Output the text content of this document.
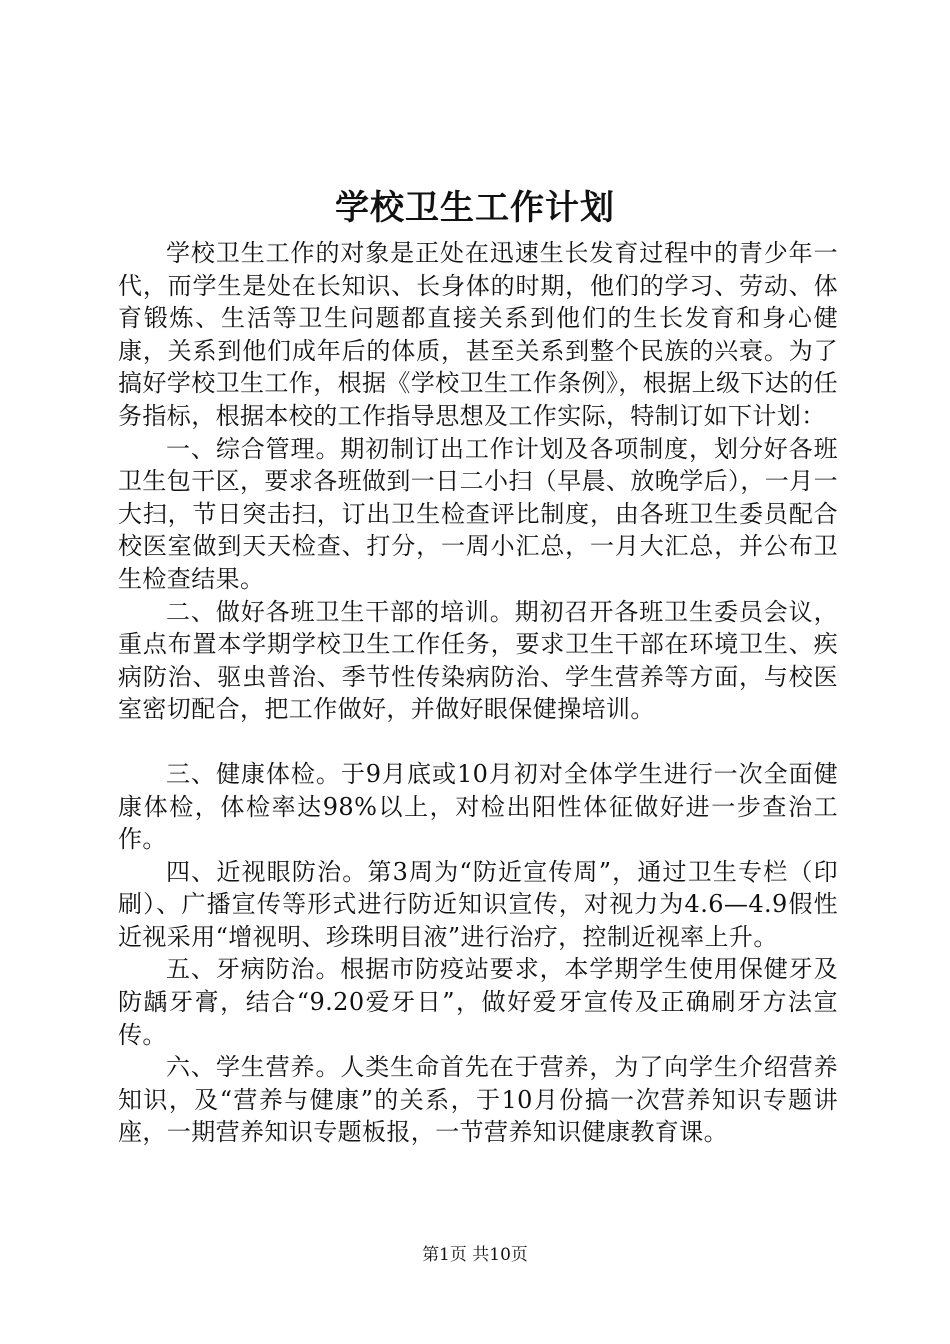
学校卫生工作计划

学校卫生工作的对象是正处在迅速生长发育过程中的青少年一代，而学生是处在长知识、长身体的时期，他们的学习、劳动、体育锻炼、生活等卫生问题都直接关系到他们的生长发育和身心健康，关系到他们成年后的体质，甚至关系到整个民族的兴衰。为了搞好学校卫生工作，根据《学校卫生工作条例》，根据上级下达的任务指标，根据本校的工作指导思想及工作实际，特制订如下计划：

一、综合管理。期初制订出工作计划及各项制度，划分好各班卫生包干区，要求各班做到一日二小扫（早晨、放晚学后），一月一大扫，节日突击扫，订出卫生检查评比制度，由各班卫生委员配合校医室做到天天检查、打分，一周小汇总，一月大汇总，并公布卫生检查结果。

二、做好各班卫生干部的培训。期初召开各班卫生委员会议，重点布置本学期学校卫生工作任务，要求卫生干部在环境卫生、疾病防治、驱虫普治、季节性传染病防治、学生营养等方面，与校医室密切配合，把工作做好，并做好眼保健操培训。

三、健康体检。于9月底或10月初对全体学生进行一次全面健康体检，体检率达98%以上，对检出阳性体征做好进一步查治工作。

四、近视眼防治。第3周为“防近宣传周”，通过卫生专栏（印刷）、广播宣传等形式进行防近知识宣传，对视力为4.6—4.9假性近视采用“增视明、珍珠明目液”进行治疗，控制近视率上升。

五、牙病防治。根据市防疫站要求，本学期学生使用保健牙及防龋牙膏，结合“9.20爱牙日”，做好爱牙宣传及正确刷牙方法宣传。

六、学生营养。人类生命首先在于营养，为了向学生介绍营养知识，及“营养与健康”的关系，于10月份搞一次营养知识专题讲座，一期营养知识专题板报，一节营养知识健康教育课。

第1页 共10页
